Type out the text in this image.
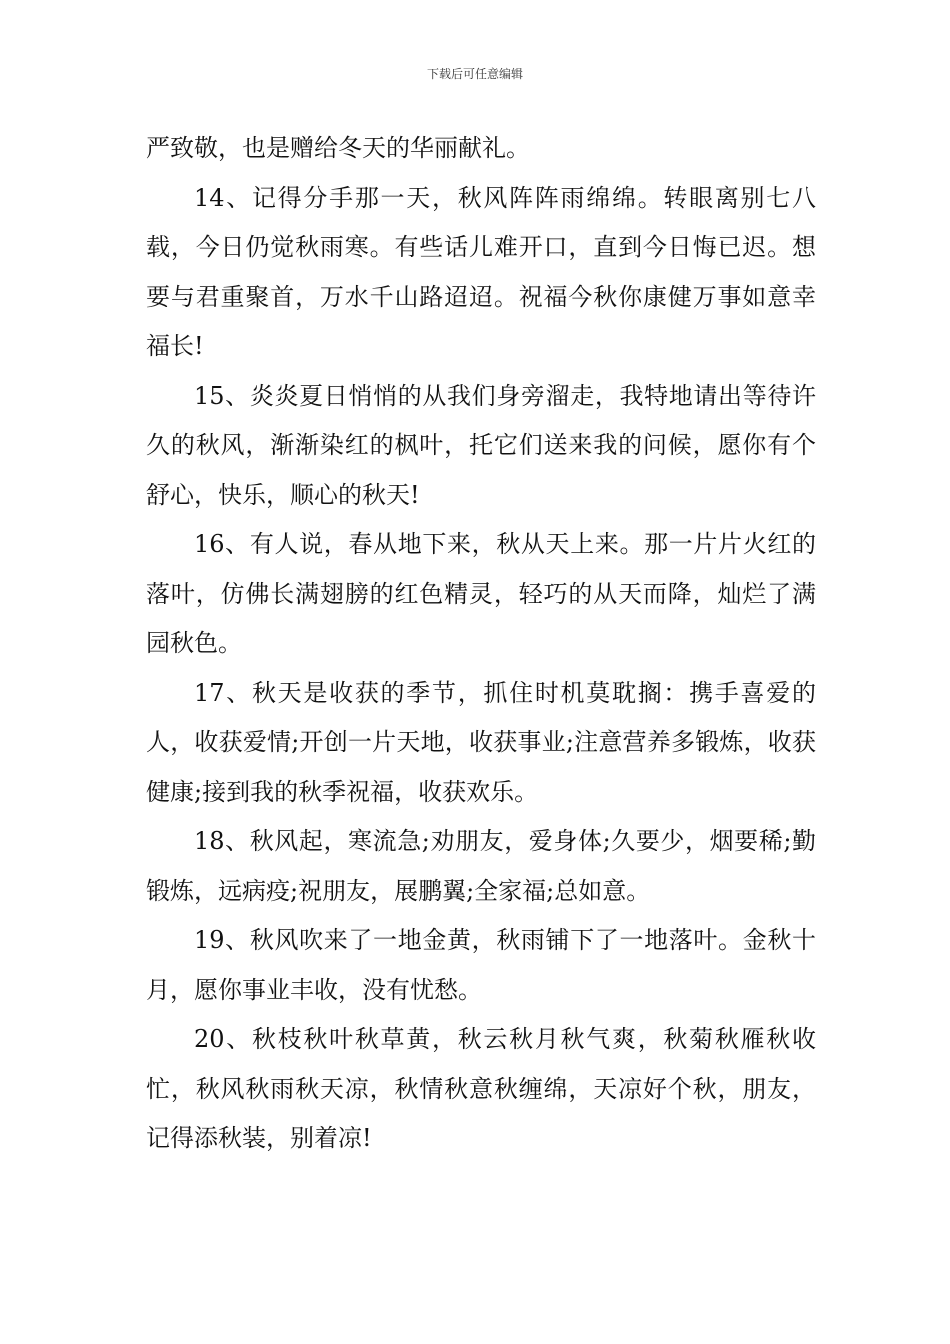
下载后可任意编辑

严致敬，也是赠给冬天的华丽献礼。

14、记得分手那一天，秋风阵阵雨绵绵。转眼离别七八载，今日仍觉秋雨寒。有些话儿难开口，直到今日悔已迟。想要与君重聚首，万水千山路迢迢。祝福今秋你康健万事如意幸福长!

15、炎炎夏日悄悄的从我们身旁溜走，我特地请出等待许久的秋风，渐渐染红的枫叶，托它们送来我的问候，愿你有个舒心，快乐，顺心的秋天!

16、有人说，春从地下来，秋从天上来。那一片片火红的落叶，仿佛长满翅膀的红色精灵，轻巧的从天而降，灿烂了满园秋色。

17、秋天是收获的季节，抓住时机莫耽搁：携手喜爱的人，收获爱情;开创一片天地，收获事业;注意营养多锻炼，收获健康;接到我的秋季祝福，收获欢乐。

18、秋风起，寒流急;劝朋友，爱身体;久要少，烟要稀;勤锻炼，远病疫;祝朋友，展鹏翼;全家福;总如意。

19、秋风吹来了一地金黄，秋雨铺下了一地落叶。金秋十月，愿你事业丰收，没有忧愁。

20、秋枝秋叶秋草黄，秋云秋月秋气爽，秋菊秋雁秋收忙，秋风秋雨秋天凉，秋情秋意秋缠绵，天凉好个秋，朋友，记得添秋装，别着凉!
